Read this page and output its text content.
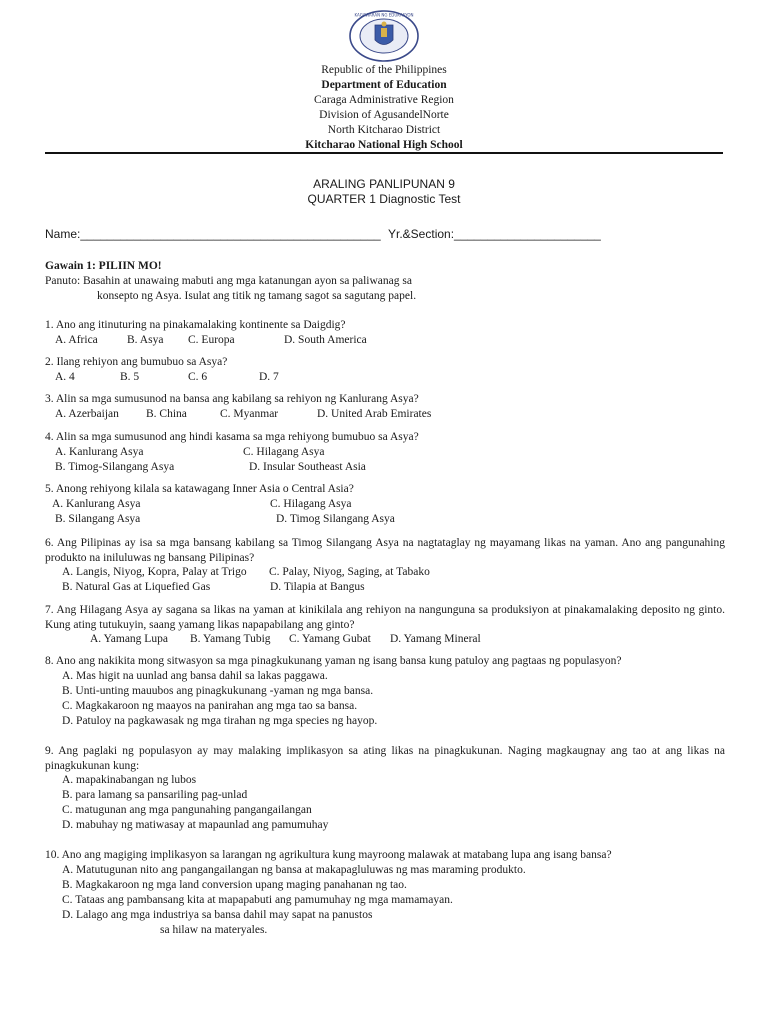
KAGAWARAN NG EDUKASYON
Republic of the Philippines
Department of Education
Caraga Administrative Region
Division of AgusandelNorte
North Kitcharao District
Kitcharao National High School
ARALING PANLIPUNAN 9
QUARTER 1 Diagnostic Test
Name:_____________________________________________ Yr.&Section:______________________
Gawain 1: PILIIN MO!
Panuto: Basahin at unawaing mabuti ang mga katanungan ayon sa paliwanag sa
konsepto ng Asya. Isulat ang titik ng tamang sagot sa sagutang papel.
1. Ano ang itinuturing na pinakamalaking kontinente sa Daigdig?
A. Africa	B. Asya C. Europa	D. South America
2. Ilang rehiyon ang bumubuo sa Asya?
A. 4	B. 5	C. 6	D. 7
3. Alin sa mga sumusunod na bansa ang kabilang sa rehiyon ng Kanlurang Asya?
A. Azerbaijan B. China	C. Myanmar	D. United Arab Emirates
4. Alin sa mga sumusunod ang hindi kasama sa mga rehiyong bumubuo sa Asya?
A. Kanlurang Asya	C. Hilagang Asya
B. Timog-Silangang Asya	D. Insular Southeast Asia
5. Anong rehiyong kilala sa katawagang Inner Asia o Central Asia?
A. Kanlurang Asya	C. Hilagang Asya
B. Silangang Asya	D. Timog Silangang Asya
6. Ang Pilipinas ay isa sa mga bansang kabilang sa Timog Silangang Asya na nagtataglay ng mayamang likas na yaman. Ano ang pangunahing produkto na iniluluwas ng bansang Pilipinas?
A. Langis, Niyog, Kopra, Palay at Trigo C. Palay, Niyog, Saging, at Tabako
B. Natural Gas at Liquefied Gas	D. Tilapia at Bangus
7. Ang Hilagang Asya ay sagana sa likas na yaman at kinikilala ang rehiyon na nangunguna sa produksiyon at pinakamalaking deposito ng ginto. Kung ating tutukuyin, saang yamang likas napapabilang ang ginto?
A. Yamang Lupa B. Yamang Tubig C. Yamang Gubat D. Yamang Mineral
8. Ano ang nakikita mong sitwasyon sa mga pinagkukunang yaman ng isang bansa kung patuloy ang pagtaas ng populasyon?
A. Mas higit na uunlad ang bansa dahil sa lakas paggawa.
B. Unti-unting mauubos ang pinagkukunang -yaman ng mga bansa.
C. Magkakaroon ng maayos na panirahan ang mga tao sa bansa.
D. Patuloy na pagkawasak ng mga tirahan ng mga species ng hayop.
9. Ang paglaki ng populasyon ay may malaking implikasyon sa ating likas na pinagkukunan. Naging magkaugnay ang tao at ang likas na pinagkukunan kung:
A. mapakinabangan ng lubos
B. para lamang sa pansariling pag-unlad
C. matugunan ang mga pangunahing pangangailangan
D. mabuhay ng matiwasay at mapaunlad ang pamumuhay
10. Ano ang magiging implikasyon sa larangan ng agrikultura kung mayroong malawak at matabang lupa ang isang bansa?
A. Matutugunan nito ang pangangailangan ng bansa at makapagluluwas ng mas maraming produkto.
B. Magkakaroon ng mga land conversion upang maging panahanan ng tao.
C. Tataas ang pambansang kita at mapapabuti ang pamumuhay ng mga mamamayan.
D. Lalago ang mga industriya sa bansa dahil may sapat na panustos
sa hilaw na materyales.
